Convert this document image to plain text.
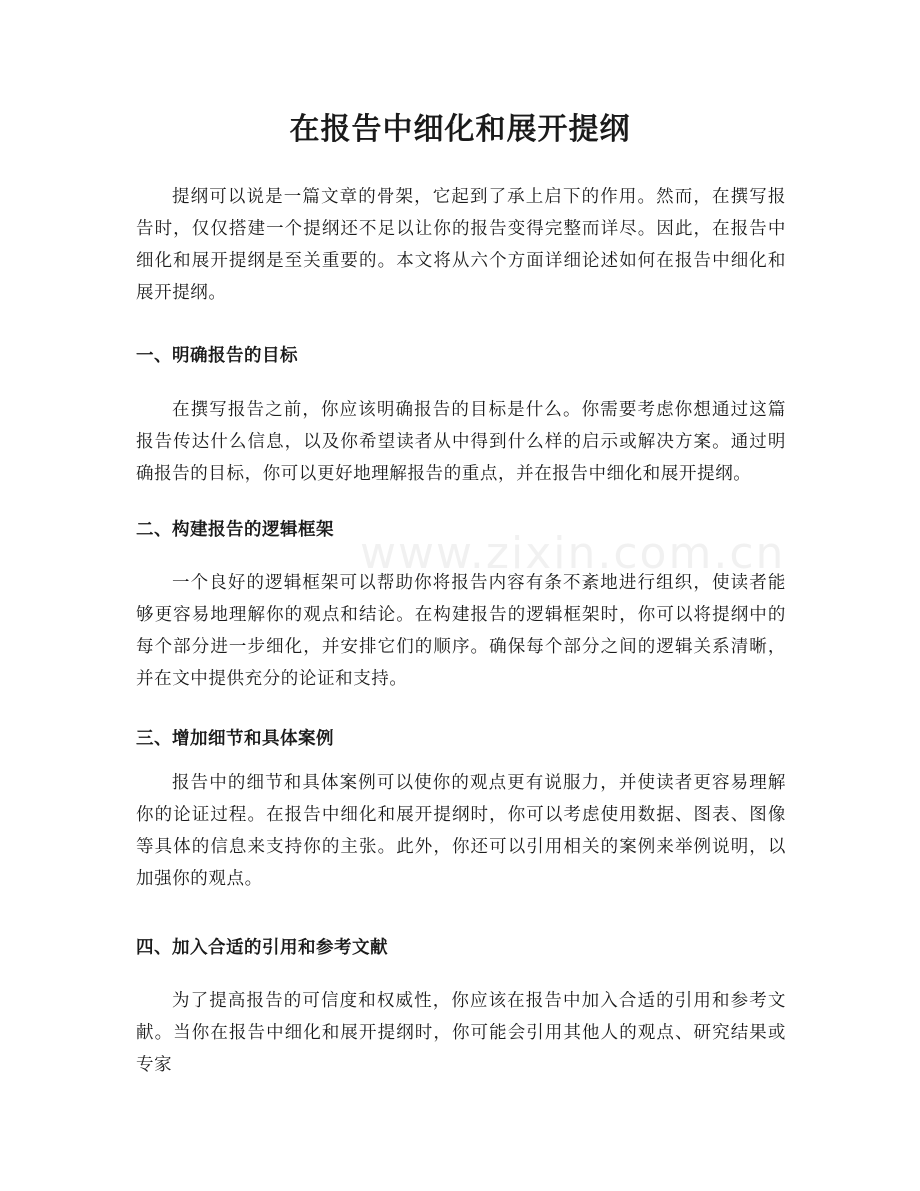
在报告中细化和展开提纲

提纲可以说是一篇文章的骨架，它起到了承上启下的作用。然而，在撰写报告时，仅仅搭建一个提纲还不足以让你的报告变得完整而详尽。因此，在报告中细化和展开提纲是至关重要的。本文将从六个方面详细论述如何在报告中细化和展开提纲。

一、明确报告的目标

在撰写报告之前，你应该明确报告的目标是什么。你需要考虑你想通过这篇报告传达什么信息，以及你希望读者从中得到什么样的启示或解决方案。通过明确报告的目标，你可以更好地理解报告的重点，并在报告中细化和展开提纲。

二、构建报告的逻辑框架

一个良好的逻辑框架可以帮助你将报告内容有条不紊地进行组织，使读者能够更容易地理解你的观点和结论。在构建报告的逻辑框架时，你可以将提纲中的每个部分进一步细化，并安排它们的顺序。确保每个部分之间的逻辑关系清晰，并在文中提供充分的论证和支持。

三、增加细节和具体案例

报告中的细节和具体案例可以使你的观点更有说服力，并使读者更容易理解你的论证过程。在报告中细化和展开提纲时，你可以考虑使用数据、图表、图像等具体的信息来支持你的主张。此外，你还可以引用相关的案例来举例说明，以加强你的观点。

四、加入合适的引用和参考文献

为了提高报告的可信度和权威性，你应该在报告中加入合适的引用和参考文献。当你在报告中细化和展开提纲时，你可能会引用其他人的观点、研究结果或专家

www.zixin.com.cn
